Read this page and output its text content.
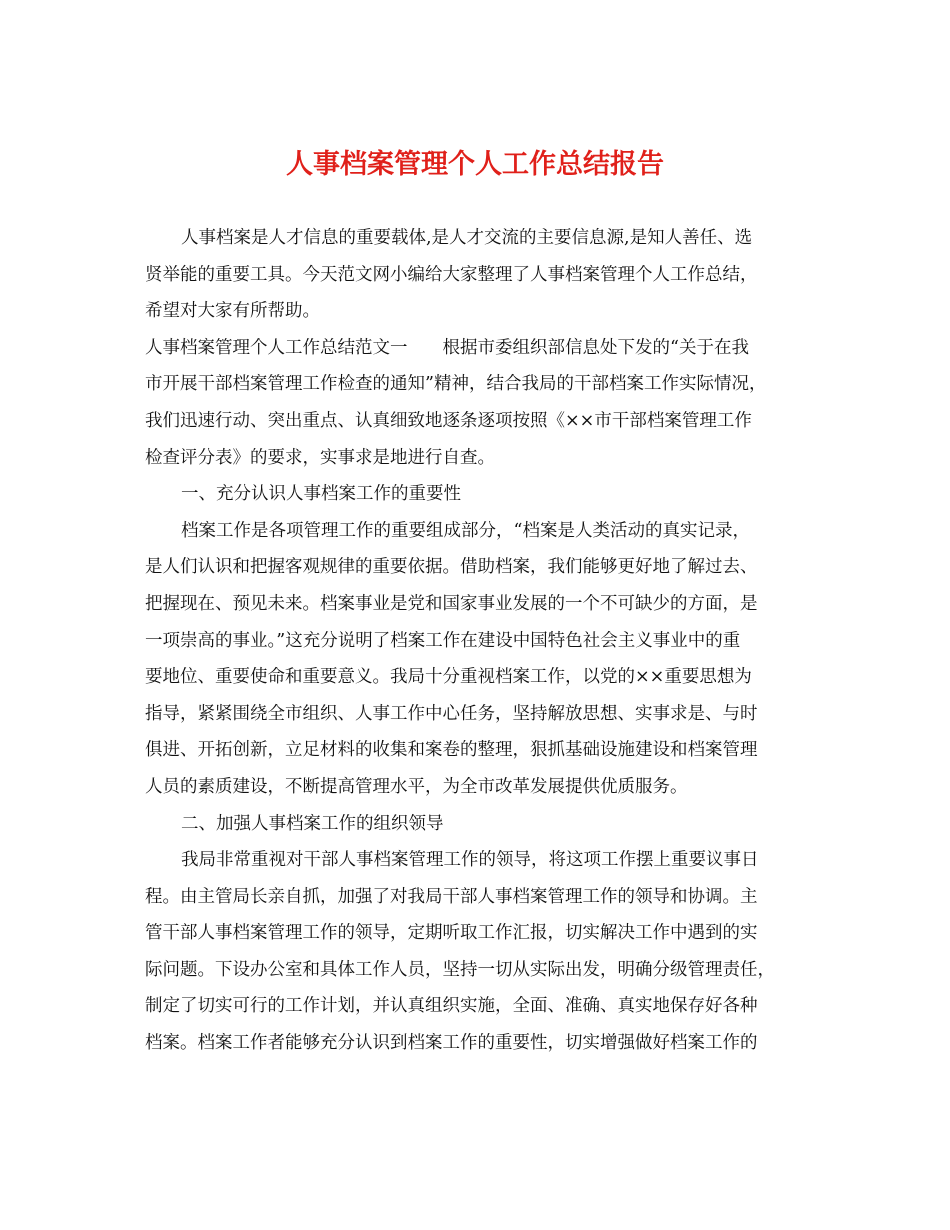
人事档案管理个人工作总结报告
人事档案是人才信息的重要载体,是人才交流的主要信息源,是知人善任、选
贤举能的重要工具。今天范文网小编给大家整理了人事档案管理个人工作总结，
希望对大家有所帮助。
人事档案管理个人工作总结范文一　　根据市委组织部信息处下发的“关于在我
市开展干部档案管理工作检查的通知”精神，结合我局的干部档案工作实际情况，
我们迅速行动、突出重点、认真细致地逐条逐项按照《××市干部档案管理工作
检查评分表》的要求，实事求是地进行自查。
一、充分认识人事档案工作的重要性
档案工作是各项管理工作的重要组成部分，“档案是人类活动的真实记录，
是人们认识和把握客观规律的重要依据。借助档案，我们能够更好地了解过去、
把握现在、预见未来。档案事业是党和国家事业发展的一个不可缺少的方面，是
一项崇高的事业。”这充分说明了档案工作在建设中国特色社会主义事业中的重
要地位、重要使命和重要意义。我局十分重视档案工作，以党的××重要思想为
指导，紧紧围绕全市组织、人事工作中心任务，坚持解放思想、实事求是、与时
俱进、开拓创新，立足材料的收集和案卷的整理，狠抓基础设施建设和档案管理
人员的素质建设，不断提高管理水平，为全市改革发展提供优质服务。
二、加强人事档案工作的组织领导
我局非常重视对干部人事档案管理工作的领导，将这项工作摆上重要议事日
程。由主管局长亲自抓，加强了对我局干部人事档案管理工作的领导和协调。主
管干部人事档案管理工作的领导，定期听取工作汇报，切实解决工作中遇到的实
际问题。下设办公室和具体工作人员，坚持一切从实际出发，明确分级管理责任，
制定了切实可行的工作计划，并认真组织实施，全面、准确、真实地保存好各种
档案。档案工作者能够充分认识到档案工作的重要性，切实增强做好档案工作的
